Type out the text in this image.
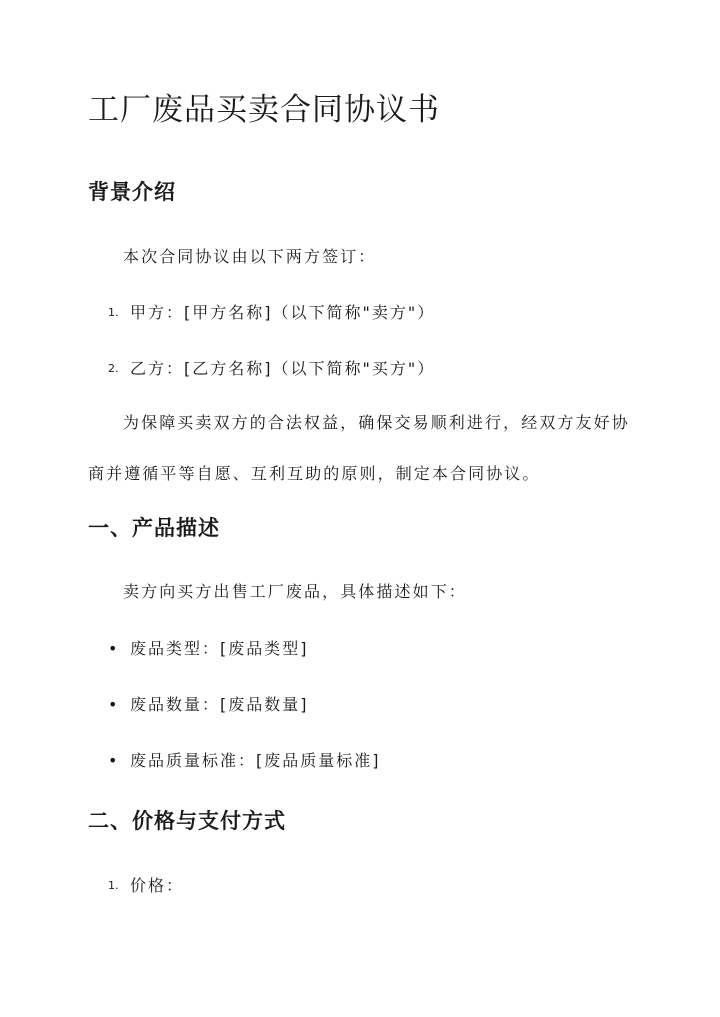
工厂废品买卖合同协议书
背景介绍

本次合同协议由以下两方签订：

1. 甲方：[甲方名称]（以下简称"卖方"）
2. 乙方：[乙方名称]（以下简称"买方"）

为保障买卖双方的合法权益，确保交易顺利进行，经双方友好协商并遵循平等自愿、互利互助的原则，制定本合同协议。

一、产品描述

卖方向买方出售工厂废品，具体描述如下：

• 废品类型：[废品类型]
• 废品数量：[废品数量]
• 废品质量标准：[废品质量标准]
二、价格与支付方式
1. 价格：
